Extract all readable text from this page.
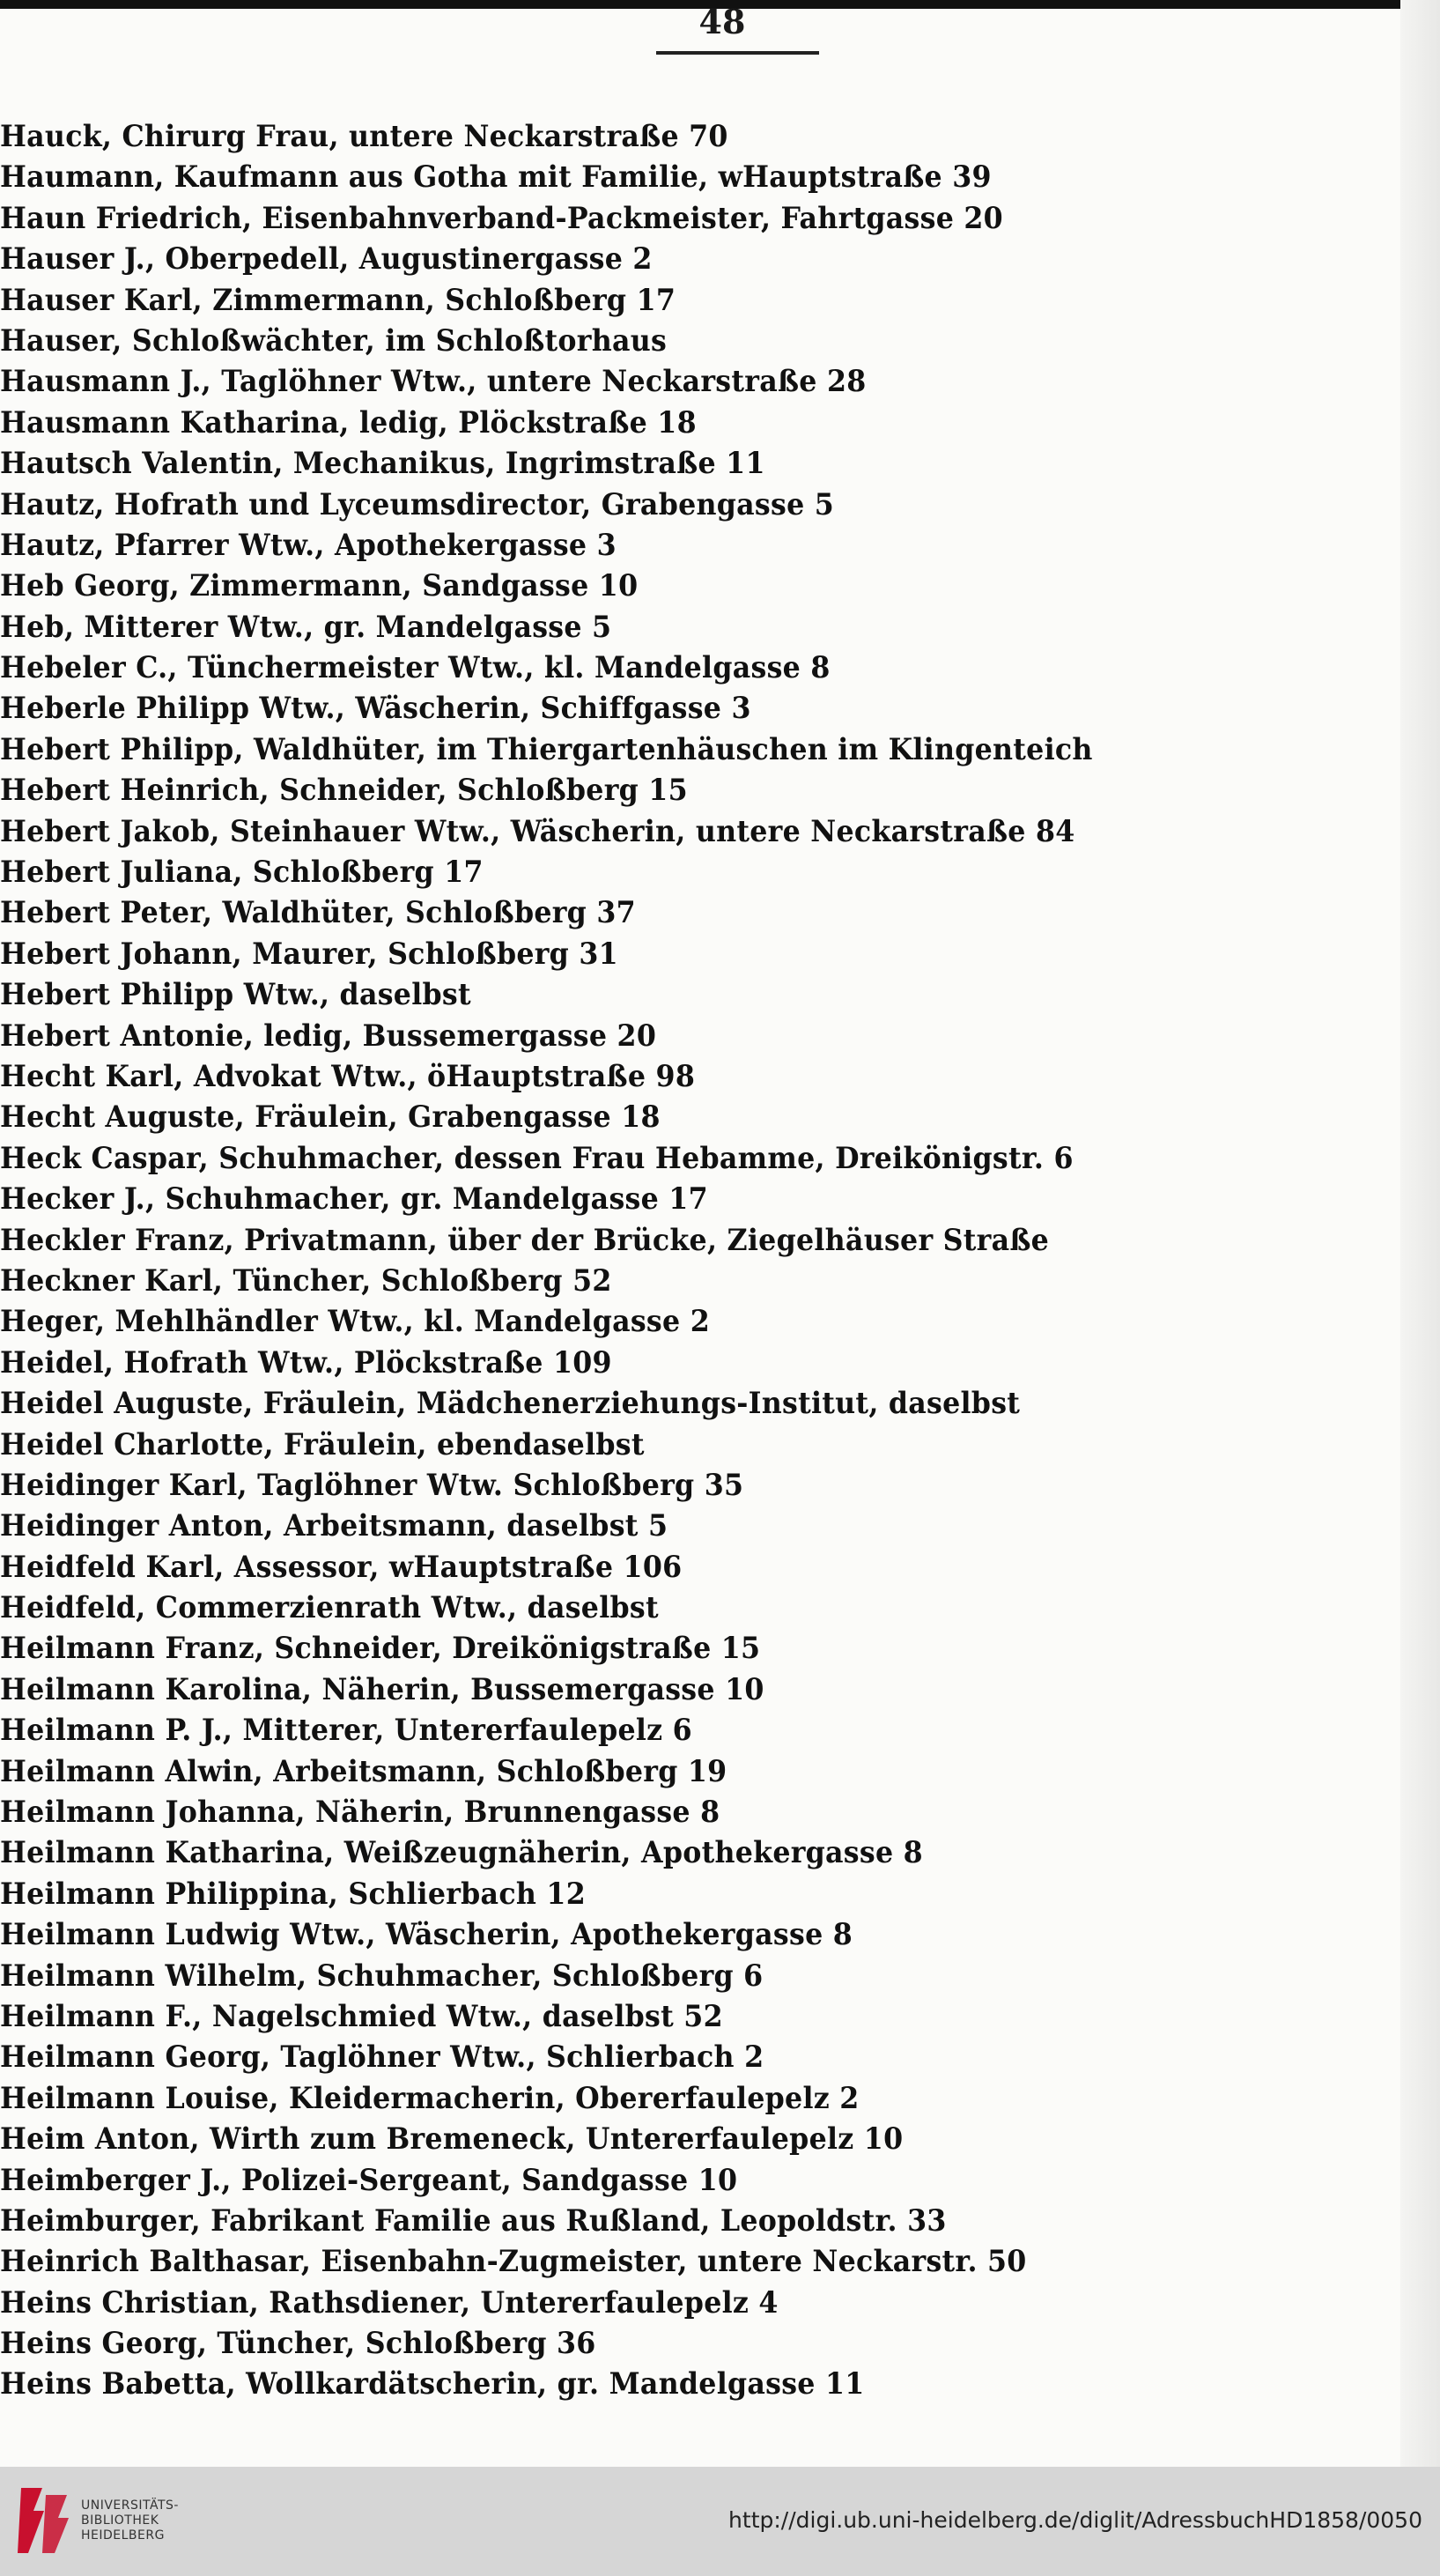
48
Hauck, Chirurg Frau, untere Neckarstraße 70
Haumann, Kaufmann aus Gotha mit Familie, wHauptstraße 39
Haun Friedrich, Eisenbahnverband-Packmeister, Fahrtgasse 20
Hauser J., Oberpedell, Augustinergasse 2
Hauser Karl, Zimmermann, Schloßberg 17
Hauser, Schloßwächter, im Schloßtorhaus
Hausmann J., Taglöhner Wtw., untere Neckarstraße 28
Hausmann Katharina, ledig, Plöckstraße 18
Hautsch Valentin, Mechanikus, Ingrimstraße 11
Hautz, Hofrath und Lyceumsdirector, Grabengasse 5
Hautz, Pfarrer Wtw., Apothekergasse 3
Heb Georg, Zimmermann, Sandgasse 10
Heb, Mitterer Wtw., gr. Mandelgasse 5
Hebeler C., Tünchermeister Wtw., kl. Mandelgasse 8
Heberle Philipp Wtw., Wäscherin, Schiffgasse 3
Hebert Philipp, Waldhüter, im Thiergartenhäuschen im Klingenteich
Hebert Heinrich, Schneider, Schloßberg 15
Hebert Jakob, Steinhauer Wtw., Wäscherin, untere Neckarstraße 84
Hebert Juliana, Schloßberg 17
Hebert Peter, Waldhüter, Schloßberg 37
Hebert Johann, Maurer, Schloßberg 31
Hebert Philipp Wtw., daselbst
Hebert Antonie, ledig, Bussemergasse 20
Hecht Karl, Advokat Wtw., öHauptstraße 98
Hecht Auguste, Fräulein, Grabengasse 18
Heck Caspar, Schuhmacher, dessen Frau Hebamme, Dreikönigstr. 6
Hecker J., Schuhmacher, gr. Mandelgasse 17
Heckler Franz, Privatmann, über der Brücke, Ziegelhäuser Straße
Heckner Karl, Tüncher, Schloßberg 52
Heger, Mehlhändler Wtw., kl. Mandelgasse 2
Heidel, Hofrath Wtw., Plöckstraße 109
Heidel Auguste, Fräulein, Mädchenerziehungs-Institut, daselbst
Heidel Charlotte, Fräulein, ebendaselbst
Heidinger Karl, Taglöhner Wtw. Schloßberg 35
Heidinger Anton, Arbeitsmann, daselbst 5
Heidfeld Karl, Assessor, wHauptstraße 106
Heidfeld, Commerzienrath Wtw., daselbst
Heilmann Franz, Schneider, Dreikönigstraße 15
Heilmann Karolina, Näherin, Bussemergasse 10
Heilmann P. J., Mitterer, Untererfaulepelz 6
Heilmann Alwin, Arbeitsmann, Schloßberg 19
Heilmann Johanna, Näherin, Brunnengasse 8
Heilmann Katharina, Weißzeugnäherin, Apothekergasse 8
Heilmann Philippina, Schlierbach 12
Heilmann Ludwig Wtw., Wäscherin, Apothekergasse 8
Heilmann Wilhelm, Schuhmacher, Schloßberg 6
Heilmann F., Nagelschmied Wtw., daselbst 52
Heilmann Georg, Taglöhner Wtw., Schlierbach 2
Heilmann Louise, Kleidermacherin, Obererfaulepelz 2
Heim Anton, Wirth zum Bremeneck, Untererfaulepelz 10
Heimberger J., Polizei-Sergeant, Sandgasse 10
Heimburger, Fabrikant Familie aus Rußland, Leopoldstr. 33
Heinrich Balthasar, Eisenbahn-Zugmeister, untere Neckarstr. 50
Heins Christian, Rathsdiener, Untererfaulepelz 4
Heins Georg, Tüncher, Schloßberg 36
Heins Babetta, Wollkardätscherin, gr. Mandelgasse 11
UNIVERSITÄTS-
BIBLIOTHEK
HEIDELBERG
http://digi.ub.uni-heidelberg.de/diglit/AdressbuchHD1858/0050
